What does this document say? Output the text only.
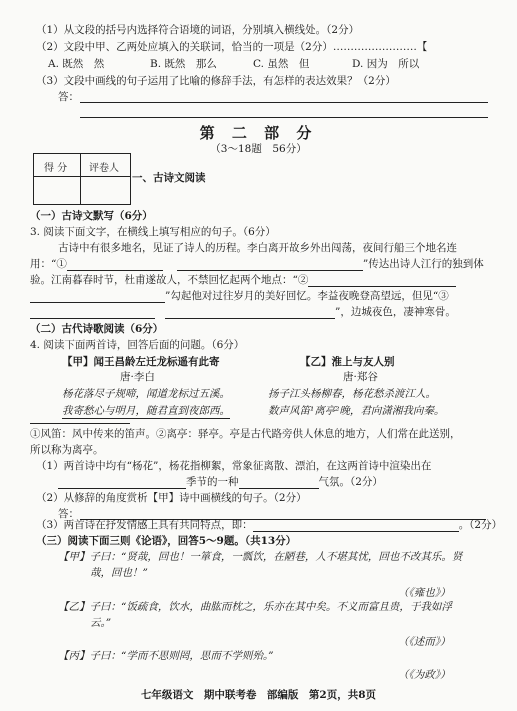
（1）从文段的括号内选择符合语境的词语，分别填入横线处。（2分）
（2）文段中甲、乙两处应填入的关联词，恰当的一项是（2分）……………………【
A. 既然　然	B. 既然　那么	C. 虽然　但	D. 因为　所以
（3）文段中画线的句子运用了比喻的修辞手法，有怎样的表达效果？（2分）
答：
第 二 部 分
（3～18题　56分）
得 分 评卷人
一、古诗文阅读
（一）古诗文默写（6分）
3. 阅读下面文字，在横线上填写相应的句子。（6分）
古诗中有很多地名，见证了诗人的历程。李白离开故乡外出闯荡，夜间行船三个地名连
用：“①	”传达出诗人江行的独到体
验。江南暮春时节，杜甫遂故人，不禁回忆起两个地点：“②
”勾起他对过往岁月的美好回忆。李益夜晚登高望远，但见“③
”，边城夜色，凄神寒骨。
（二）古代诗歌阅读（6分）
4. 阅读下面两首诗，回答后面的问题。（6分）
【甲】闻王昌龄左迁龙标遥有此寄
唐·李白
杨花落尽子规啼，闻道龙标过五溪。
我寄愁心与明月，随君直到夜郎西。
【乙】淮上与友人别
唐·郑谷
扬子江头杨柳春，杨花愁杀渡江人。
数声风笛¹离亭²晚，君向潇湘我向秦。
①风笛：风中传来的笛声。②离亭：驿亭。亭是古代路旁供人休息的地方，人们常在此送别，
所以称为离亭。
（1）两首诗中均有“杨花”，杨花指柳絮，常象征离散、漂泊，在这两首诗中渲染出在
季节的一种	气氛。（2分）
（2）从修辞的角度赏析【甲】诗中画横线的句子。（2分）
答：
（3）两首诗在抒发情感上具有共同特点，即：	。（2分）
（三）阅读下面三则《论语》，回答5～9题。（共13分）
【甲】子曰：“贤哉，回也！一箪食，一瓢饮，在陋巷，人不堪其忧，回也不改其乐。贤
哉，回也！”
（《雍也》）
【乙】子曰：“饭疏食，饮水，曲肱而枕之，乐亦在其中矣。不义而富且贵，于我如浮
云。”
（《述而》）
【丙】子曰：“学而不思则罔，思而不学则殆。”
（《为政》）
七年级语文　期中联考卷　部编版　第2页，共8页
